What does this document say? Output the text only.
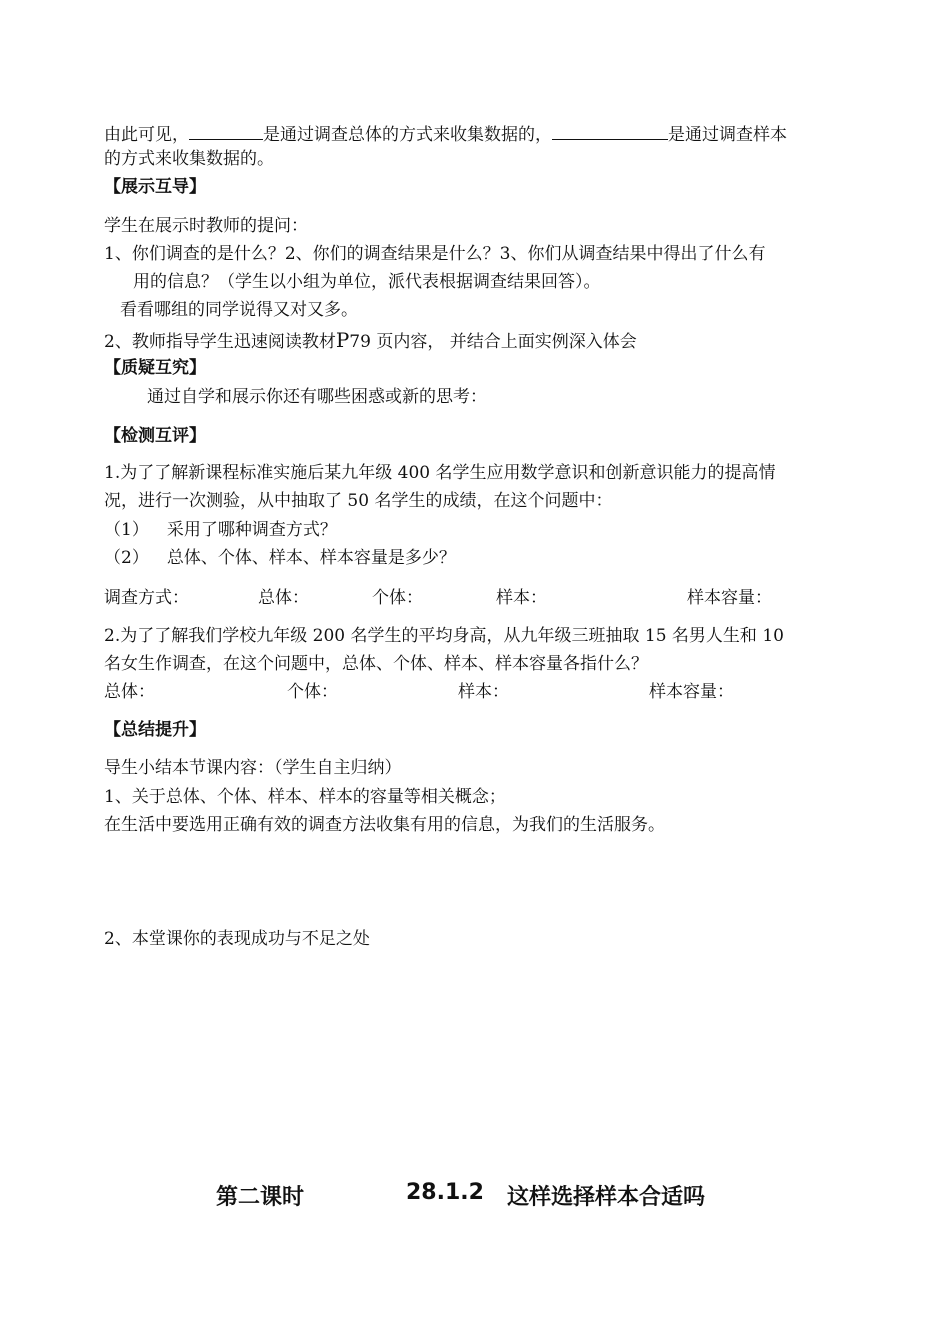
由此可见，	是通过调查总体的方式来收集数据的，	是通过调查样本
的方式来收集数据的。
【展示互导】
学生在展示时教师的提问：
1、你们调查的是什么？2、你们的调查结果是什么？3、你们从调查结果中得出了什么有
用的信息？（学生以小组为单位，派代表根据调查结果回答）。
看看哪组的同学说得又对又多。
2、教师指导学生迅速阅读教材P79 页内容， 并结合上面实例深入体会
【质疑互究】
通过自学和展示你还有哪些困惑或新的思考：
【检测互评】
1.为了了解新课程标准实施后某九年级 400 名学生应用数学意识和创新意识能力的提高情
况，进行一次测验，从中抽取了 50 名学生的成绩，在这个问题中：
（1） 采用了哪种调查方式？
（2） 总体、个体、样本、样本容量是多少？
调查方式：	总体：	个体：	样本：	样本容量：
2.为了了解我们学校九年级 200 名学生的平均身高，从九年级三班抽取 15 名男人生和 10
名女生作调查，在这个问题中，总体、个体、样本、样本容量各指什么？
总体：	个体：	样本：	样本容量：
【总结提升】
导生小结本节课内容：（学生自主归纳）
1、关于总体、个体、样本、样本的容量等相关概念；
在生活中要选用正确有效的调查方法收集有用的信息，为我们的生活服务。
2、本堂课你的表现成功与不足之处
第二课时	28.1.2 这样选择样本合适吗
